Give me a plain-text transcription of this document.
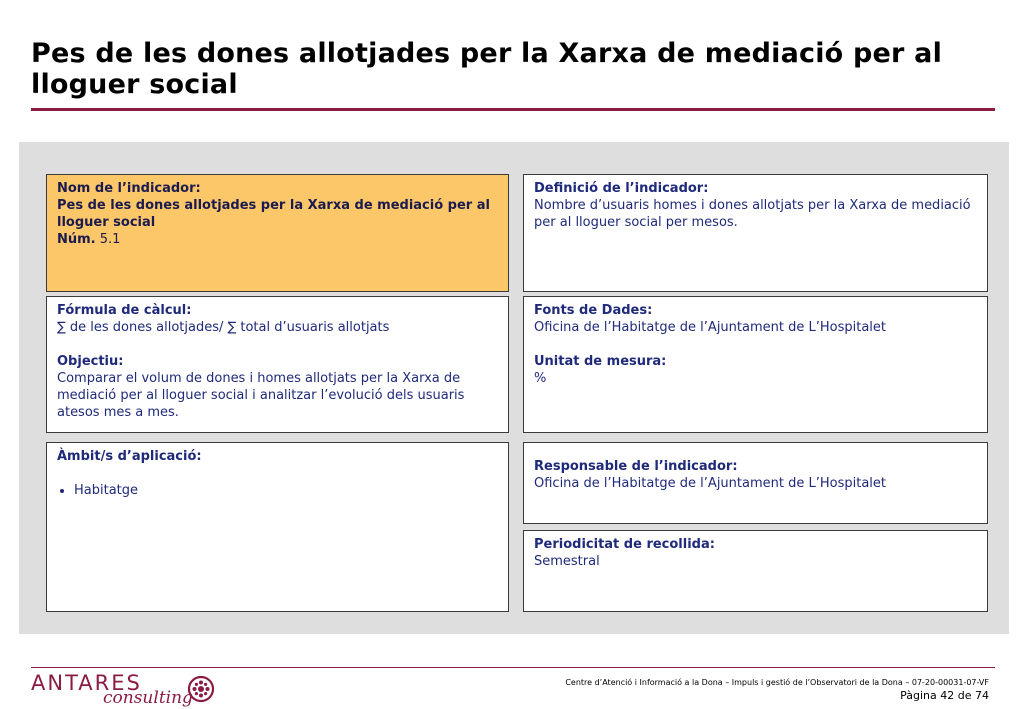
Pes de les dones allotjades per la Xarxa de mediació per al lloguer social
Nom de l’indicador:
Pes de les dones allotjades per la Xarxa de mediació per al lloguer social
Núm. 5.1
Definició de l’indicador:
Nombre d’usuaris homes i dones allotjats per la Xarxa de mediació per al lloguer social per mesos.
Fórmula de càlcul:
∑ de les dones allotjades/ ∑ total d’usuaris allotjats
Objectiu:
Comparar el volum de dones i homes allotjats per la Xarxa de mediació per al lloguer social i analitzar l’evolució dels usuaris atesos mes a mes.
Fonts de Dades:
Oficina de l’Habitatge de l’Ajuntament de L’Hospitalet
Unitat de mesura:
%
Àmbit/s d’aplicació:
• Habitatge
Responsable de l’indicador:
Oficina de l’Habitatge de l’Ajuntament de L’Hospitalet
Periodicitat de recollida:
Semestral
ANTARES
consulting
Centre d’Atenció i Informació a la Dona – Impuls i gestió de l’Observatori de la Dona – 07-20-00031-07-VF
Pàgina 42 de 74
